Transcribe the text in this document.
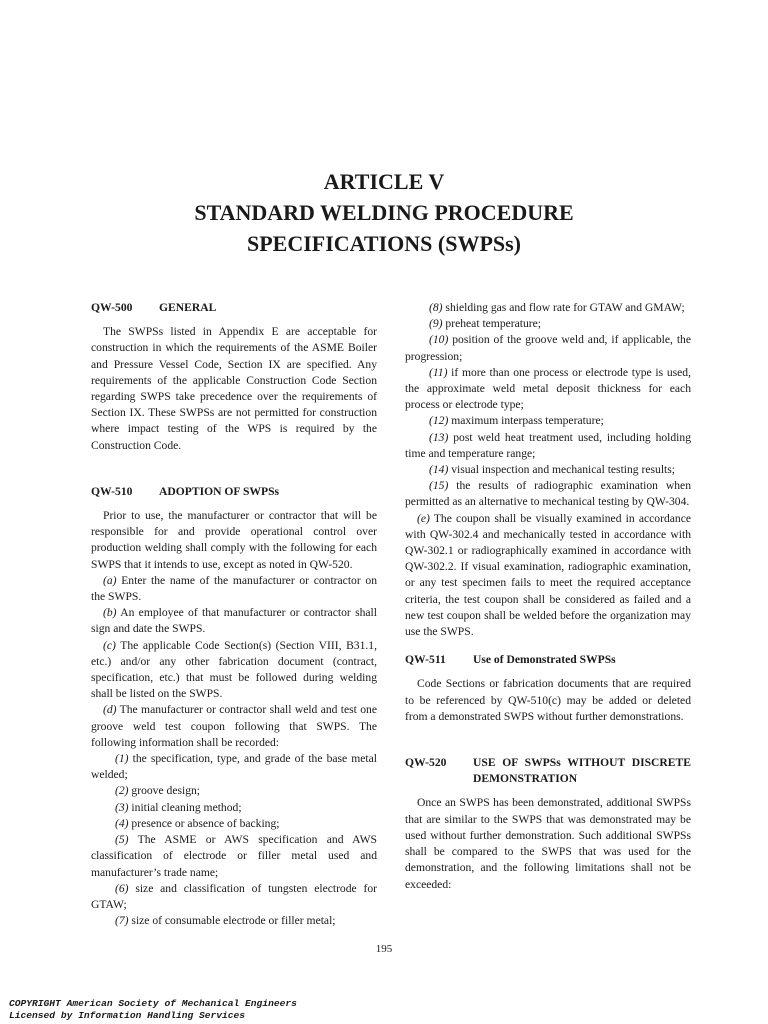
ARTICLE V
STANDARD WELDING PROCEDURE
SPECIFICATIONS (SWPSs)
QW-500	GENERAL

The SWPSs listed in Appendix E are acceptable for construction in which the requirements of the ASME Boiler and Pressure Vessel Code, Section IX are specified. Any requirements of the applicable Construction Code Section regarding SWPS take precedence over the requirements of Section IX. These SWPSs are not permitted for construction where impact testing of the WPS is required by the Construction Code.

QW-510	ADOPTION OF SWPSs

Prior to use, the manufacturer or contractor that will be responsible for and provide operational control over production welding shall comply with the following for each SWPS that it intends to use, except as noted in QW-520.

(a) Enter the name of the manufacturer or contractor on the SWPS.

(b) An employee of that manufacturer or contractor shall sign and date the SWPS.

(c) The applicable Code Section(s) (Section VIII, B31.1, etc.) and/or any other fabrication document (contract, specification, etc.) that must be followed during welding shall be listed on the SWPS.

(d) The manufacturer or contractor shall weld and test one groove weld test coupon following that SWPS. The following information shall be recorded:

(1) the specification, type, and grade of the base metal welded;

(2) groove design;

(3) initial cleaning method;

(4) presence or absence of backing;

(5) The ASME or AWS specification and AWS classification of electrode or filler metal used and manufacturer’s trade name;

(6) size and classification of tungsten electrode for GTAW;

(7) size of consumable electrode or filler metal;

(8) shielding gas and flow rate for GTAW and GMAW;

(9) preheat temperature;

(10) position of the groove weld and, if applicable, the progression;

(11) if more than one process or electrode type is used, the approximate weld metal deposit thickness for each process or electrode type;

(12) maximum interpass temperature;

(13) post weld heat treatment used, including holding time and temperature range;

(14) visual inspection and mechanical testing results;

(15) the results of radiographic examination when permitted as an alternative to mechanical testing by QW-304.

(e) The coupon shall be visually examined in accordance with QW-302.4 and mechanically tested in accordance with QW-302.1 or radiographically examined in accordance with QW-302.2. If visual examination, radiographic examination, or any test specimen fails to meet the required acceptance criteria, the test coupon shall be considered as failed and a new test coupon shall be welded before the organization may use the SWPS.

QW-511	Use of Demonstrated SWPSs

Code Sections or fabrication documents that are required to be referenced by QW-510(c) may be added or deleted from a demonstrated SWPS without further demonstrations.

QW-520	USE OF SWPSs WITHOUT DISCRETE DEMONSTRATION

Once an SWPS has been demonstrated, additional SWPSs that are similar to the SWPS that was demonstrated may be used without further demonstration. Such additional SWPSs shall be compared to the SWPS that was used for the demonstration, and the following limitations shall not be exceeded:

195
COPYRIGHT American Society of Mechanical Engineers
Licensed by Information Handling Services
